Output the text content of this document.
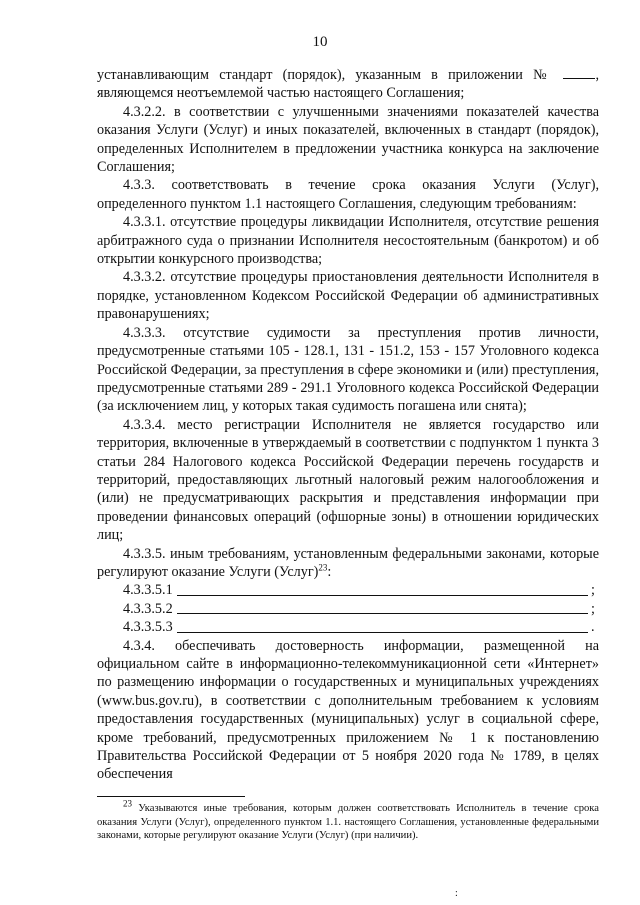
10

устанавливающим стандарт (порядок), указанным в приложении №	, являющемся неотъемлемой частью настоящего Соглашения;

4.3.2.2. в соответствии с улучшенными значениями показателей качества оказания Услуги (Услуг) и иных показателей, включенных в стандарт (порядок), определенных Исполнителем в предложении участника конкурса на заключение Соглашения;

4.3.3. соответствовать в течение срока оказания Услуги (Услуг), определенного пунктом 1.1 настоящего Соглашения, следующим требованиям:

4.3.3.1. отсутствие процедуры ликвидации Исполнителя, отсутствие решения арбитражного суда о признании Исполнителя несостоятельным (банкротом) и об открытии конкурсного производства;

4.3.3.2. отсутствие процедуры приостановления деятельности Исполнителя в порядке, установленном Кодексом Российской Федерации об административных правонарушениях;

4.3.3.3. отсутствие судимости за преступления против личности, предусмотренные статьями 105 - 128.1, 131 - 151.2, 153 - 157 Уголовного кодекса Российской Федерации, за преступления в сфере экономики и (или) преступления, предусмотренные статьями 289 - 291.1 Уголовного кодекса Российской Федерации (за исключением лиц, у которых такая судимость погашена или снята);

4.3.3.4. место регистрации Исполнителя не является государство или территория, включенные в утверждаемый в соответствии с подпунктом 1 пункта 3 статьи 284 Налогового кодекса Российской Федерации перечень государств и территорий, предоставляющих льготный налоговый режим налогообложения и (или) не предусматривающих раскрытия и представления информации при проведении финансовых операций (офшорные зоны) в отношении юридических лиц;

4.3.3.5. иным требованиям, установленным федеральными законами, которые регулируют оказание Услуги (Услуг)$^{23}$:

4.3.3.5.1	;
4.3.3.5.2	;
4.3.3.5.3	.

4.3.4. обеспечивать достоверность информации, размещенной на официальном сайте в информационно-телекоммуникационной сети «Интернет» по размещению информации о государственных и муниципальных учреждениях (www.bus.gov.ru), в соответствии с дополнительным требованием к условиям предоставления государственных (муниципальных) услуг в социальной сфере, кроме требований, предусмотренных приложением № 1 к постановлению Правительства Российской Федерации от 5 ноября 2020 года № 1789, в целях обеспечения

$^{23}$ Указываются иные требования, которым должен соответствовать Исполнитель в течение срока оказания Услуги (Услуг), определенного пунктом 1.1. настоящего Соглашения, установленные федеральными законами, которые регулируют оказание Услуги (Услуг) (при наличии).

:
